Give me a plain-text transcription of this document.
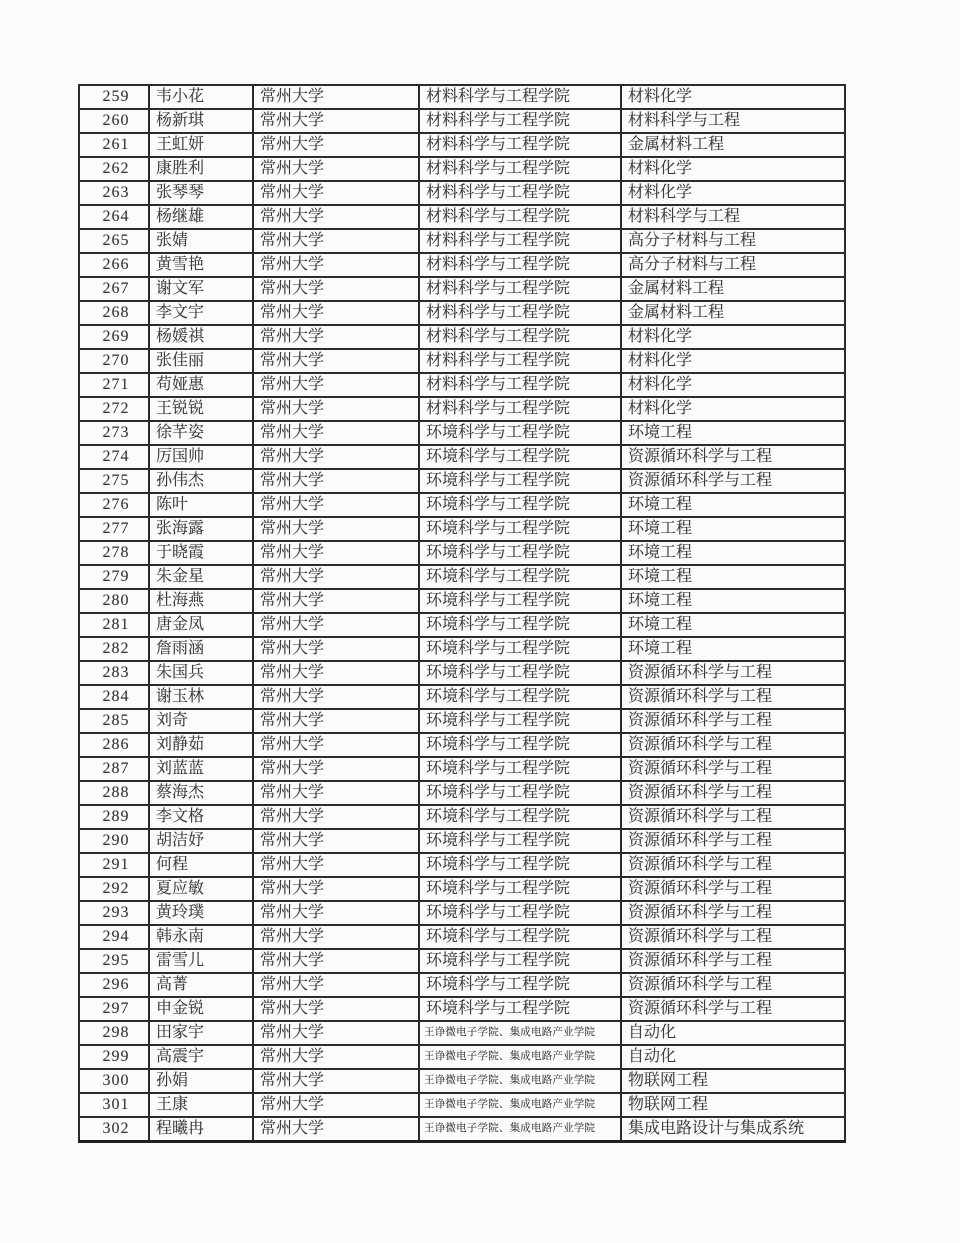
259	韦小花	常州大学	材料科学与工程学院	材料化学
260	杨新琪	常州大学	材料科学与工程学院	材料科学与工程
261	王虹妍	常州大学	材料科学与工程学院	金属材料工程
262	康胜利	常州大学	材料科学与工程学院	材料化学
263	张琴琴	常州大学	材料科学与工程学院	材料化学
264	杨继雄	常州大学	材料科学与工程学院	材料科学与工程
265	张婧	常州大学	材料科学与工程学院	高分子材料与工程
266	黄雪艳	常州大学	材料科学与工程学院	高分子材料与工程
267	谢文军	常州大学	材料科学与工程学院	金属材料工程
268	李文宇	常州大学	材料科学与工程学院	金属材料工程
269	杨媛祺	常州大学	材料科学与工程学院	材料化学
270	张佳丽	常州大学	材料科学与工程学院	材料化学
271	苟娅惠	常州大学	材料科学与工程学院	材料化学
272	王锐锐	常州大学	材料科学与工程学院	材料化学
273	徐芊姿	常州大学	环境科学与工程学院	环境工程
274	厉国帅	常州大学	环境科学与工程学院	资源循环科学与工程
275	孙伟杰	常州大学	环境科学与工程学院	资源循环科学与工程
276	陈叶	常州大学	环境科学与工程学院	环境工程
277	张海露	常州大学	环境科学与工程学院	环境工程
278	于晓霞	常州大学	环境科学与工程学院	环境工程
279	朱金星	常州大学	环境科学与工程学院	环境工程
280	杜海燕	常州大学	环境科学与工程学院	环境工程
281	唐金凤	常州大学	环境科学与工程学院	环境工程
282	詹雨涵	常州大学	环境科学与工程学院	环境工程
283	朱国兵	常州大学	环境科学与工程学院	资源循环科学与工程
284	谢玉林	常州大学	环境科学与工程学院	资源循环科学与工程
285	刘奇	常州大学	环境科学与工程学院	资源循环科学与工程
286	刘静茹	常州大学	环境科学与工程学院	资源循环科学与工程
287	刘蓝蓝	常州大学	环境科学与工程学院	资源循环科学与工程
288	蔡海杰	常州大学	环境科学与工程学院	资源循环科学与工程
289	李文格	常州大学	环境科学与工程学院	资源循环科学与工程
290	胡洁妤	常州大学	环境科学与工程学院	资源循环科学与工程
291	何程	常州大学	环境科学与工程学院	资源循环科学与工程
292	夏应敏	常州大学	环境科学与工程学院	资源循环科学与工程
293	黄玲璞	常州大学	环境科学与工程学院	资源循环科学与工程
294	韩永南	常州大学	环境科学与工程学院	资源循环科学与工程
295	雷雪儿	常州大学	环境科学与工程学院	资源循环科学与工程
296	高菁	常州大学	环境科学与工程学院	资源循环科学与工程
297	申金锐	常州大学	环境科学与工程学院	资源循环科学与工程
298	田家宇	常州大学	王诤微电子学院、集成电路产业学院	自动化
299	高震宇	常州大学	王诤微电子学院、集成电路产业学院	自动化
300	孙娟	常州大学	王诤微电子学院、集成电路产业学院	物联网工程
301	王康	常州大学	王诤微电子学院、集成电路产业学院	物联网工程
302	程曦冉	常州大学	王诤微电子学院、集成电路产业学院	集成电路设计与集成系统
